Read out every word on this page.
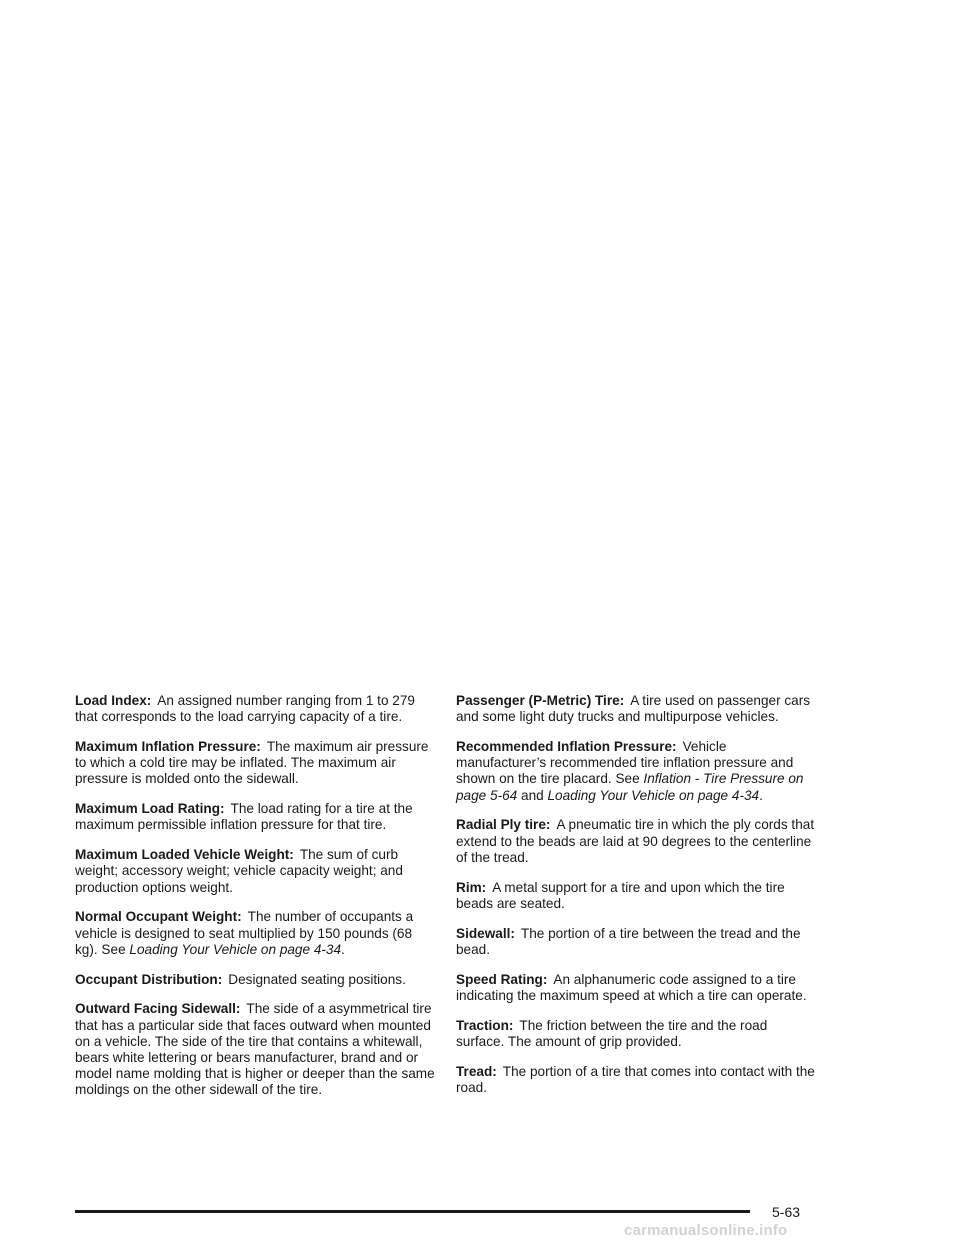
Load Index: An assigned number ranging from 1 to 279 that corresponds to the load carrying capacity of a tire.

Maximum Inflation Pressure: The maximum air pressure to which a cold tire may be inflated. The maximum air pressure is molded onto the sidewall.

Maximum Load Rating: The load rating for a tire at the maximum permissible inflation pressure for that tire.

Maximum Loaded Vehicle Weight: The sum of curb weight; accessory weight; vehicle capacity weight; and production options weight.

Normal Occupant Weight: The number of occupants a vehicle is designed to seat multiplied by 150 pounds (68 kg). See Loading Your Vehicle on page 4-34.

Occupant Distribution: Designated seating positions.

Outward Facing Sidewall: The side of a asymmetrical tire that has a particular side that faces outward when mounted on a vehicle. The side of the tire that contains a whitewall, bears white lettering or bears manufacturer, brand and or model name molding that is higher or deeper than the same moldings on the other sidewall of the tire.

Passenger (P-Metric) Tire: A tire used on passenger cars and some light duty trucks and multipurpose vehicles.

Recommended Inflation Pressure: Vehicle manufacturer’s recommended tire inflation pressure and shown on the tire placard. See Inflation - Tire Pressure on page 5-64 and Loading Your Vehicle on page 4-34.

Radial Ply tire: A pneumatic tire in which the ply cords that extend to the beads are laid at 90 degrees to the centerline of the tread.

Rim: A metal support for a tire and upon which the tire beads are seated.

Sidewall: The portion of a tire between the tread and the bead.

Speed Rating: An alphanumeric code assigned to a tire indicating the maximum speed at which a tire can operate.

Traction: The friction between the tire and the road surface. The amount of grip provided.

Tread: The portion of a tire that comes into contact with the road.

5-63
carmanualsonline.info
